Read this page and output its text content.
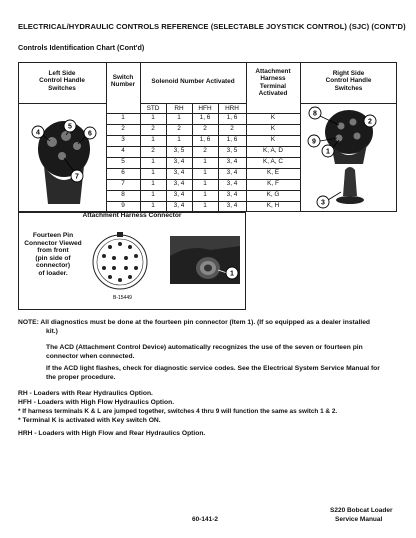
ELECTRICAL/HYDRAULIC CONTROLS REFERENCE (SELECTABLE JOYSTICK CONTROL) (SJC) (CONT'D)
Controls Identification Chart (Cont'd)
Left Side
Control Handle
Switches
Switch
Number	Solenoid Number Activated
Attachment
Harness
Terminal
Activated
Right Side
Control Handle
Switches
STD	RH	HFH	HRH
1	1	1	1, 6	1, 6	K
2	2	2	2	2	K
3	1	1	1, 6	1, 6	K
4	2	3, 5	2	3, 5	K, A, D
5	1	3, 4	1	3, 4	K, A, C
6	1	3, 4	1	3, 4	K, E
7	1	3, 4	1	3, 4	K, F
8	1	3, 4	1	3, 4	K, G
9	1	3, 4	1	3, 4	K, H
4
5
6
7
8
9
1
2
3
Attachment Harness Connector
Fourteen Pin
Connector Viewed
from front
(pin side of
connector)
of loader.
B-15449
1
NOTE: All diagnostics must be done at the fourteen pin connector (Item 1). (If so equipped as a dealer installed
kit.)
The ACD (Attachment Control Device) automatically recognizes the use of the seven or fourteen pin
connector when connected.
If the ACD light flashes, check for diagnostic service codes. See the Electrical System Service Manual for
the proper procedure.
RH - Loaders with Rear Hydraulics Option.
HFH - Loaders with High Flow Hydraulics Option.
* If harness terminals K & L are jumped together, switches 4 thru 9 will function the same as switch 1 & 2.
* Terminal K is activated with Key switch ON.
HRH - Loaders with High Flow and Rear Hydraulics Option.
60-141-2
S220 Bobcat Loader
Service Manual
